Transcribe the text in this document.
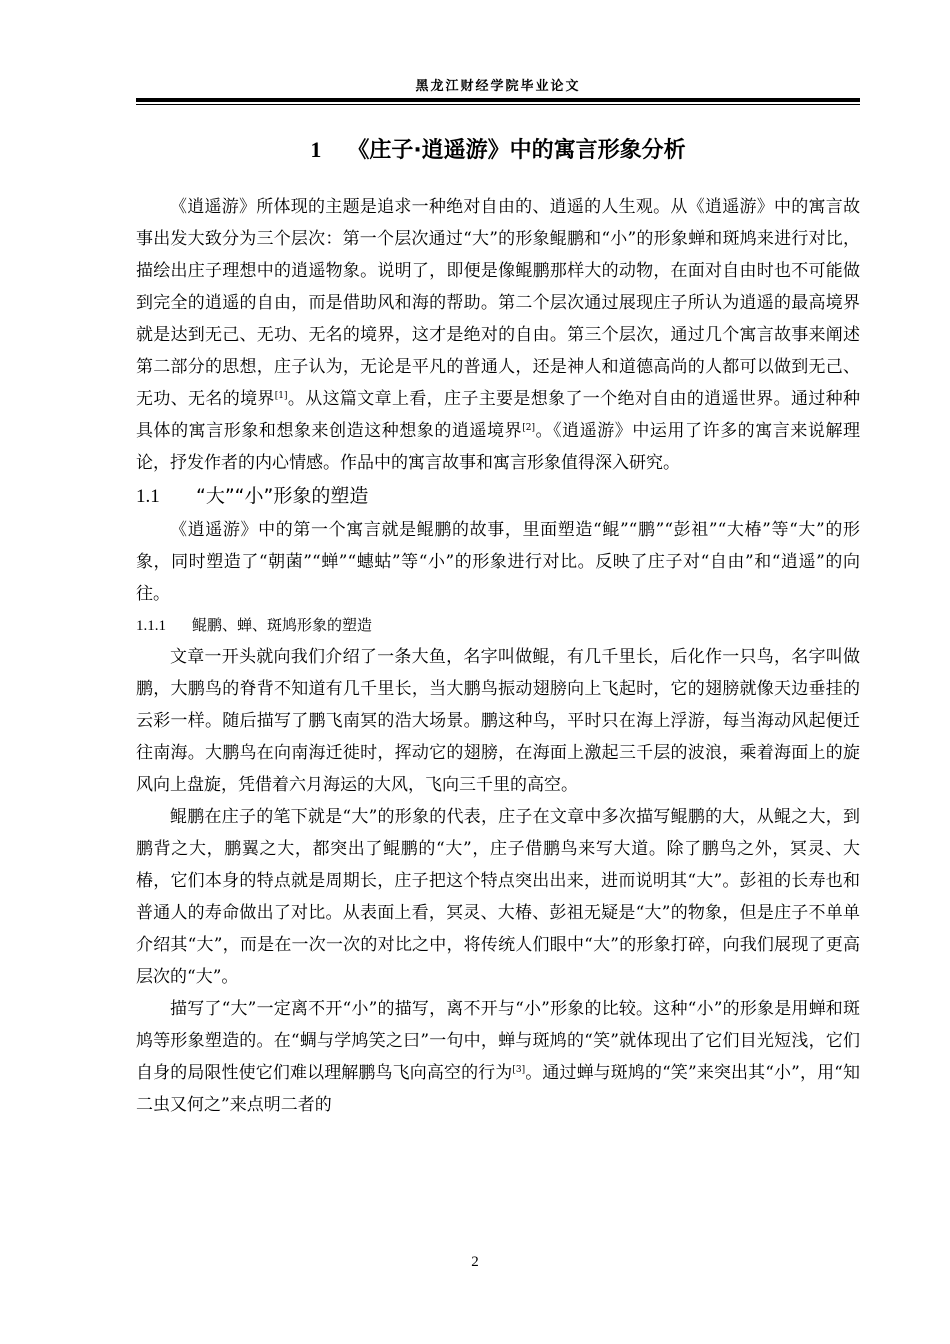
黑龙江财经学院毕业论文
1 《庄子·逍遥游》中的寓言形象分析

《逍遥游》所体现的主题是追求一种绝对自由的、逍遥的人生观。从《逍遥游》中的寓言故事出发大致分为三个层次：第一个层次通过“大”的形象鲲鹏和“小”的形象蝉和斑鸠来进行对比，描绘出庄子理想中的逍遥物象。说明了，即便是像鲲鹏那样大的动物，在面对自由时也不可能做到完全的逍遥的自由，而是借助风和海的帮助。第二个层次通过展现庄子所认为逍遥的最高境界就是达到无己、无功、无名的境界，这才是绝对的自由。第三个层次，通过几个寓言故事来阐述第二部分的思想，庄子认为，无论是平凡的普通人，还是神人和道德高尚的人都可以做到无己、无功、无名的境界[1]。从这篇文章上看，庄子主要是想象了一个绝对自由的逍遥世界。通过种种具体的寓言形象和想象来创造这种想象的逍遥境界[2]。《逍遥游》中运用了许多的寓言来说解理论，抒发作者的内心情感。作品中的寓言故事和寓言形象值得深入研究。

1.1 “大”“小”形象的塑造

《逍遥游》中的第一个寓言就是鲲鹏的故事，里面塑造“鲲”“鹏”“彭祖”“大椿”等“大”的形象，同时塑造了“朝菌”“蝉”“蟪蛄”等“小”的形象进行对比。反映了庄子对“自由”和“逍遥”的向往。

1.1.1 鲲鹏、蝉、斑鸠形象的塑造

文章一开头就向我们介绍了一条大鱼，名字叫做鲲，有几千里长，后化作一只鸟，名字叫做鹏，大鹏鸟的脊背不知道有几千里长，当大鹏鸟振动翅膀向上飞起时，它的翅膀就像天边垂挂的云彩一样。随后描写了鹏飞南冥的浩大场景。鹏这种鸟，平时只在海上浮游，每当海动风起便迁往南海。大鹏鸟在向南海迁徙时，挥动它的翅膀，在海面上激起三千层的波浪，乘着海面上的旋风向上盘旋，凭借着六月海运的大风，飞向三千里的高空。

鲲鹏在庄子的笔下就是“大”的形象的代表，庄子在文章中多次描写鲲鹏的大，从鲲之大，到鹏背之大，鹏翼之大，都突出了鲲鹏的“大”，庄子借鹏鸟来写大道。除了鹏鸟之外，冥灵、大椿，它们本身的特点就是周期长，庄子把这个特点突出出来，进而说明其“大”。彭祖的长寿也和普通人的寿命做出了对比。从表面上看，冥灵、大椿、彭祖无疑是“大”的物象，但是庄子不单单介绍其“大”，而是在一次一次的对比之中，将传统人们眼中“大”的形象打碎，向我们展现了更高层次的“大”。

描写了“大”一定离不开“小”的描写，离不开与“小”形象的比较。这种“小”的形象是用蝉和斑鸠等形象塑造的。在“蜩与学鸠笑之曰”一句中，蝉与斑鸠的“笑”就体现出了它们目光短浅，它们自身的局限性使它们难以理解鹏鸟飞向高空的行为[3]。通过蝉与斑鸠的“笑”来突出其“小”，用“知二虫又何之”来点明二者的

2
